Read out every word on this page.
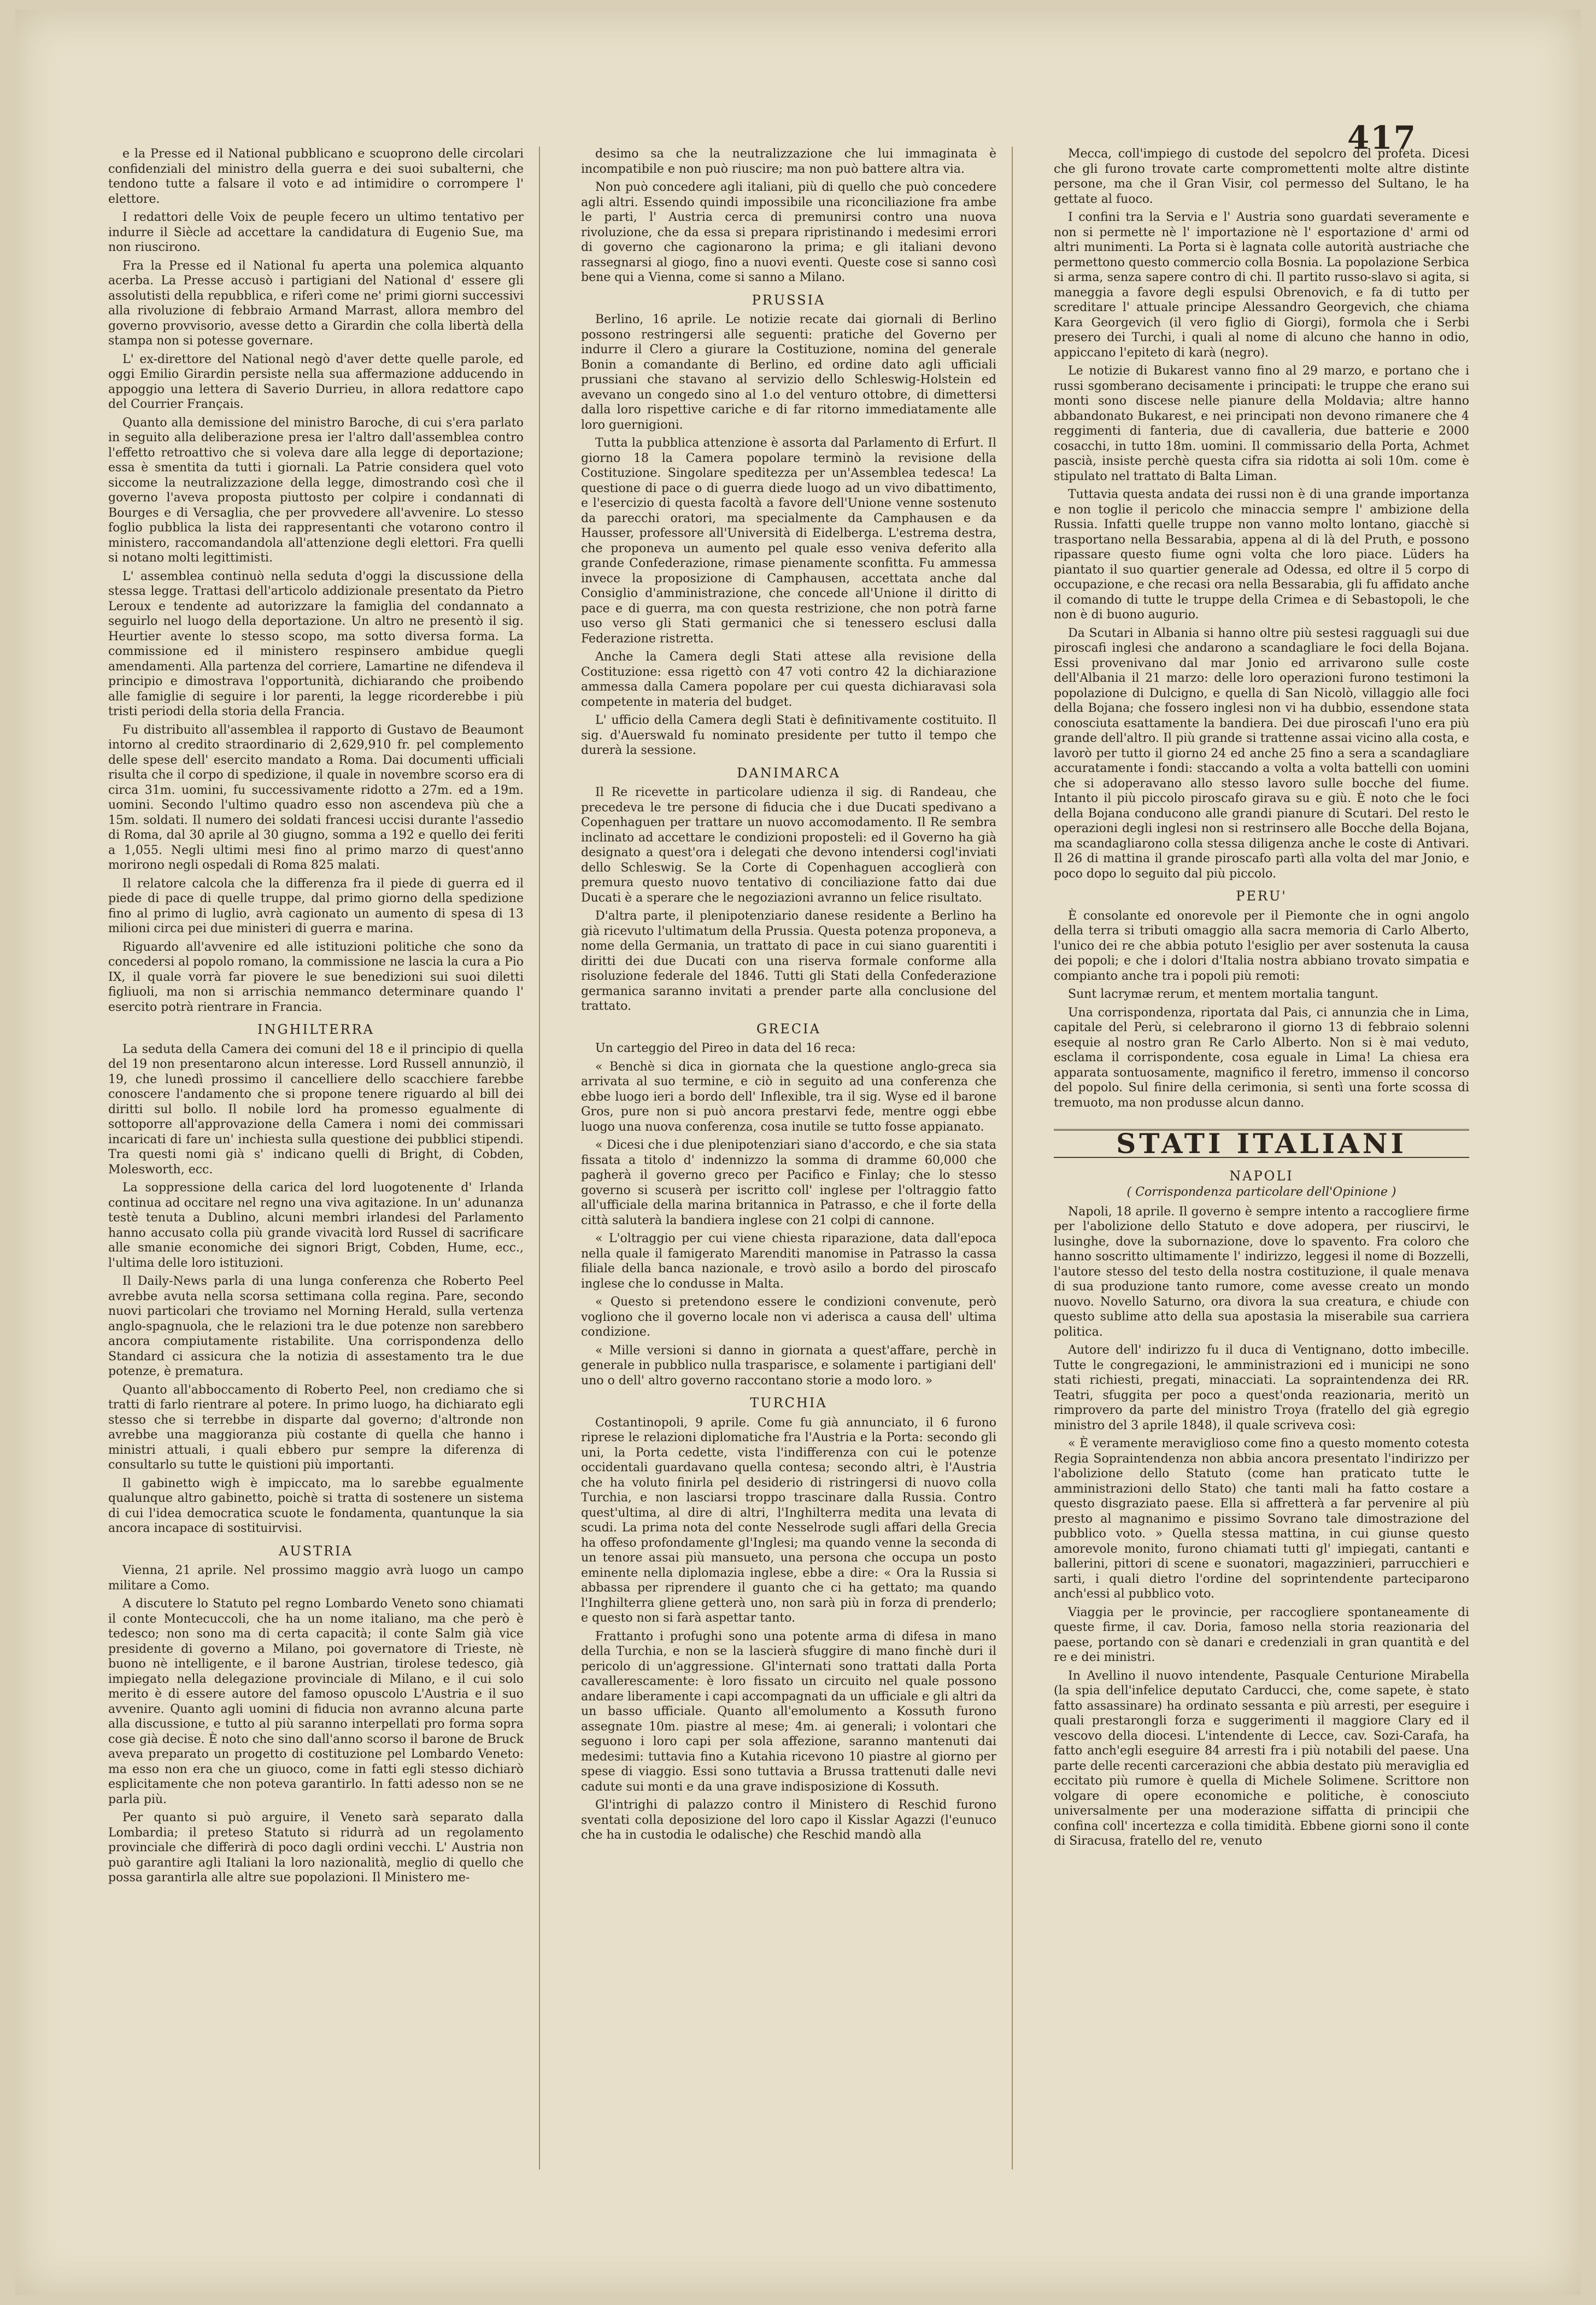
417

e la Presse ed il National pubblicano e scuoprono delle circolari confidenziali del ministro della guerra e dei suoi subalterni, che tendono tutte a falsare il voto e ad intimidire o corrompere l' elettore.

I redattori delle Voix de peuple fecero un ultimo tentativo per indurre il Siècle ad accettare la candidatura di Eugenio Sue, ma non riuscirono.

Fra la Presse ed il National fu aperta una polemica alquanto acerba. La Presse accusò i partigiani del National d' essere gli assolutisti della repubblica, e riferì come ne' primi giorni successivi alla rivoluzione di febbraio Armand Marrast, allora membro del governo provvisorio, avesse detto a Girardin che colla libertà della stampa non si potesse governare.

L' ex-direttore del National negò d'aver dette quelle parole, ed oggi Emilio Girardin persiste nella sua affermazione adducendo in appoggio una lettera di Saverio Durrieu, in allora redattore capo del Courrier Français.

Quanto alla demissione del ministro Baroche, di cui s'era parlato in seguito alla deliberazione presa ier l'altro dall'assemblea contro l'effetto retroattivo che si voleva dare alla legge di deportazione; essa è smentita da tutti i giornali. La Patrie considera quel voto siccome la neutralizzazione della legge, dimostrando così che il governo l'aveva proposta piuttosto per colpire i condannati di Bourges e di Versaglia, che per provvedere all'avvenire. Lo stesso foglio pubblica la lista dei rappresentanti che votarono contro il ministero, raccomandandola all'attenzione degli elettori. Fra quelli si notano molti legittimisti.

L' assemblea continuò nella seduta d'oggi la discussione della stessa legge. Trattasi dell'articolo addizionale presentato da Pietro Leroux e tendente ad autorizzare la famiglia del condannato a seguirlo nel luogo della deportazione. Un altro ne presentò il sig. Heurtier avente lo stesso scopo, ma sotto diversa forma. La commissione ed il ministero respinsero ambidue quegli amendamenti. Alla partenza del corriere, Lamartine ne difendeva il principio e dimostrava l'opportunità, dichiarando che proibendo alle famiglie di seguire i lor parenti, la legge ricorderebbe i più tristi periodi della storia della Francia.

Fu distribuito all'assemblea il rapporto di Gustavo de Beaumont intorno al credito straordinario di 2,629,910 fr. pel complemento delle spese dell' esercito mandato a Roma. Dai documenti ufficiali risulta che il corpo di spedizione, il quale in novembre scorso era di circa 31m. uomini, fu successivamente ridotto a 27m. ed a 19m. uomini. Secondo l'ultimo quadro esso non ascendeva più che a 15m. soldati. Il numero dei soldati francesi uccisi durante l'assedio di Roma, dal 30 aprile al 30 giugno, somma a 192 e quello dei feriti a 1,055. Negli ultimi mesi fino al primo marzo di quest'anno morirono negli ospedali di Roma 825 malati.

Il relatore calcola che la differenza fra il piede di guerra ed il piede di pace di quelle truppe, dal primo giorno della spedizione fino al primo di luglio, avrà cagionato un aumento di spesa di 13 milioni circa pei due ministeri di guerra e marina.

Riguardo all'avvenire ed alle istituzioni politiche che sono da concedersi al popolo romano, la commissione ne lascia la cura a Pio IX, il quale vorrà far piovere le sue benedizioni sui suoi diletti figliuoli, ma non si arrischia nemmanco determinare quando l' esercito potrà rientrare in Francia.

INGHILTERRA

La seduta della Camera dei comuni del 18 e il principio di quella del 19 non presentarono alcun interesse. Lord Russell annunziò, il 19, che lunedì prossimo il cancelliere dello scacchiere farebbe conoscere l'andamento che si propone tenere riguardo al bill dei diritti sul bollo. Il nobile lord ha promesso egualmente di sottoporre all'approvazione della Camera i nomi dei commissari incaricati di fare un' inchiesta sulla questione dei pubblici stipendi. Tra questi nomi già s' indicano quelli di Bright, di Cobden, Molesworth, ecc.

La soppressione della carica del lord luogotenente d' Irlanda continua ad occitare nel regno una viva agitazione. In un' adunanza testè tenuta a Dublino, alcuni membri irlandesi del Parlamento hanno accusato colla più grande vivacità lord Russel di sacrificare alle smanie economiche dei signori Brigt, Cobden, Hume, ecc., l'ultima delle loro istituzioni.

Il Daily-News parla di una lunga conferenza che Roberto Peel avrebbe avuta nella scorsa settimana colla regina. Pare, secondo nuovi particolari che troviamo nel Morning Herald, sulla vertenza anglo-spagnuola, che le relazioni tra le due potenze non sarebbero ancora compiutamente ristabilite. Una corrispondenza dello Standard ci assicura che la notizia di assestamento tra le due potenze, è prematura.

Quanto all'abboccamento di Roberto Peel, non crediamo che si tratti di farlo rientrare al potere. In primo luogo, ha dichiarato egli stesso che si terrebbe in disparte dal governo; d'altronde non avrebbe una maggioranza più costante di quella che hanno i ministri attuali, i quali ebbero pur sempre la diferenza di consultarlo su tutte le quistioni più importanti.

Il gabinetto wigh è impiccato, ma lo sarebbe egualmente qualunque altro gabinetto, poichè si tratta di sostenere un sistema di cui l'idea democratica scuote le fondamenta, quantunque la sia ancora incapace di sostituirvisi.

AUSTRIA

Vienna, 21 aprile. Nel prossimo maggio avrà luogo un campo militare a Como.

A discutere lo Statuto pel regno Lombardo Veneto sono chiamati il conte Montecuccoli, che ha un nome italiano, ma che però è tedesco; non sono ma di certa capacità; il conte Salm già vice presidente di governo a Milano, poi governatore di Trieste, nè buono nè intelligente, e il barone Austrian, tirolese tedesco, già impiegato nella delegazione provinciale di Milano, e il cui solo merito è di essere autore del famoso opuscolo L'Austria e il suo avvenire. Quanto agli uomini di fiducia non avranno alcuna parte alla discussione, e tutto al più saranno interpellati pro forma sopra cose già decise. È noto che sino dall'anno scorso il barone de Bruck aveva preparato un progetto di costituzione pel Lombardo Veneto: ma esso non era che un giuoco, come in fatti egli stesso dichiarò esplicitamente che non poteva garantirlo. In fatti adesso non se ne parla più.

Per quanto si può arguire, il Veneto sarà separato dalla Lombardia; il preteso Statuto si ridurrà ad un regolamento provinciale che differirà di poco dagli ordini vecchi. L' Austria non può garantire agli Italiani la loro nazionalità, meglio di quello che possa garantirla alle altre sue popolazioni. Il Ministero me-

desimo sa che la neutralizzazione che lui immaginata è incompatibile e non può riuscire; ma non può battere altra via.

Non può concedere agli italiani, più di quello che può concedere agli altri. Essendo quindi impossibile una riconciliazione fra ambe le parti, l' Austria cerca di premunirsi contro una nuova rivoluzione, che da essa si prepara ripristinando i medesimi errori di governo che cagionarono la prima; e gli italiani devono rassegnarsi al giogo, fino a nuovi eventi. Queste cose si sanno così bene qui a Vienna, come si sanno a Milano.

PRUSSIA

Berlino, 16 aprile. Le notizie recate dai giornali di Berlino possono restringersi alle seguenti: pratiche del Governo per indurre il Clero a giurare la Costituzione, nomina del generale Bonin a comandante di Berlino, ed ordine dato agli ufficiali prussiani che stavano al servizio dello Schleswig-Holstein ed avevano un congedo sino al 1.o del venturo ottobre, di dimettersi dalla loro rispettive cariche e di far ritorno immediatamente alle loro guernigioni.

Tutta la pubblica attenzione è assorta dal Parlamento di Erfurt. Il giorno 18 la Camera popolare terminò la revisione della Costituzione. Singolare speditezza per un'Assemblea tedesca! La questione di pace o di guerra diede luogo ad un vivo dibattimento, e l'esercizio di questa facoltà a favore dell'Unione venne sostenuto da parecchi oratori, ma specialmente da Camphausen e da Hausser, professore all'Università di Eidelberga. L'estrema destra, che proponeva un aumento pel quale esso veniva deferito alla grande Confederazione, rimase pienamente sconfitta. Fu ammessa invece la proposizione di Camphausen, accettata anche dal Consiglio d'amministrazione, che concede all'Unione il diritto di pace e di guerra, ma con questa restrizione, che non potrà farne uso verso gli Stati germanici che si tenessero esclusi dalla Federazione ristretta.

Anche la Camera degli Stati attese alla revisione della Costituzione: essa rigettò con 47 voti contro 42 la dichiarazione ammessa dalla Camera popolare per cui questa dichiaravasi sola competente in materia del budget.

L' ufficio della Camera degli Stati è definitivamente costituito. Il sig. d'Auerswald fu nominato presidente per tutto il tempo che durerà la sessione.

DANIMARCA

Il Re ricevette in particolare udienza il sig. di Randeau, che precedeva le tre persone di fiducia che i due Ducati spedivano a Copenhaguen per trattare un nuovo accomodamento. Il Re sembra inclinato ad accettare le condizioni proposteli: ed il Governo ha già designato a quest'ora i delegati che devono intendersi cogl'inviati dello Schleswig. Se la Corte di Copenhaguen accoglierà con premura questo nuovo tentativo di conciliazione fatto dai due Ducati è a sperare che le negoziazioni avranno un felice risultato.

D'altra parte, il plenipotenziario danese residente a Berlino ha già ricevuto l'ultimatum della Prussia. Questa potenza proponeva, a nome della Germania, un trattato di pace in cui siano guarentiti i diritti dei due Ducati con una riserva formale conforme alla risoluzione federale del 1846. Tutti gli Stati della Confederazione germanica saranno invitati a prender parte alla conclusione del trattato.

GRECIA

Un carteggio del Pireo in data del 16 reca:

« Benchè si dica in giornata che la questione anglo-greca sia arrivata al suo termine, e ciò in seguito ad una conferenza che ebbe luogo ieri a bordo dell' Inflexible, tra il sig. Wyse ed il barone Gros, pure non si può ancora prestarvi fede, mentre oggi ebbe luogo una nuova conferenza, cosa inutile se tutto fosse appianato.

« Dicesi che i due plenipotenziari siano d'accordo, e che sia stata fissata a titolo d' indennizzo la somma di dramme 60,000 che pagherà il governo greco per Pacifico e Finlay; che lo stesso governo si scuserà per iscritto coll' inglese per l'oltraggio fatto all'ufficiale della marina britannica in Patrasso, e che il forte della città saluterà la bandiera inglese con 21 colpi di cannone.

« L'oltraggio per cui viene chiesta riparazione, data dall'epoca nella quale il famigerato Marenditi manomise in Patrasso la cassa filiale della banca nazionale, e trovò asilo a bordo del piroscafo inglese che lo condusse in Malta.

« Questo si pretendono essere le condizioni convenute, però vogliono che il governo locale non vi aderisca a causa dell' ultima condizione.

« Mille versioni si danno in giornata a quest'affare, perchè in generale in pubblico nulla trasparisce, e solamente i partigiani dell' uno o dell' altro governo raccontano storie a modo loro. »

TURCHIA

Costantinopoli, 9 aprile. Come fu già annunciato, il 6 furono riprese le relazioni diplomatiche fra l'Austria e la Porta: secondo gli uni, la Porta cedette, vista l'indifferenza con cui le potenze occidentali guardavano quella contesa; secondo altri, è l'Austria che ha voluto finirla pel desiderio di ristringersi di nuovo colla Turchia, e non lasciarsi troppo trascinare dalla Russia. Contro quest'ultima, al dire di altri, l'Inghilterra medita una levata di scudi. La prima nota del conte Nesselrode sugli affari della Grecia ha offeso profondamente gl'Inglesi; ma quando venne la seconda di un tenore assai più mansueto, una persona che occupa un posto eminente nella diplomazia inglese, ebbe a dire: « Ora la Russia si abbassa per riprendere il guanto che ci ha gettato; ma quando l'Inghilterra gliene getterà uno, non sarà più in forza di prenderlo; e questo non si farà aspettar tanto.

Frattanto i profughi sono una potente arma di difesa in mano della Turchia, e non se la lascierà sfuggire di mano finchè duri il pericolo di un'aggressione. Gl'internati sono trattati dalla Porta cavallerescamente: è loro fissato un circuito nel quale possono andare liberamente i capi accompagnati da un ufficiale e gli altri da un basso ufficiale. Quanto all'emolumento a Kossuth furono assegnate 10m. piastre al mese; 4m. ai generali; i volontari che seguono i loro capi per sola affezione, saranno mantenuti dai medesimi: tuttavia fino a Kutahia ricevono 10 piastre al giorno per spese di viaggio. Essi sono tuttavia a Brussa trattenuti dalle nevi cadute sui monti e da una grave indisposizione di Kossuth.

Gl'intrighi di palazzo contro il Ministero di Reschid furono sventati colla deposizione del loro capo il Kisslar Agazzi (l'eunuco che ha in custodia le odalische) che Reschid mandò alla

Mecca, coll'impiego di custode del sepolcro del profeta. Dicesi che gli furono trovate carte compromettenti molte altre distinte persone, ma che il Gran Visir, col permesso del Sultano, le ha gettate al fuoco.

I confini tra la Servia e l' Austria sono guardati severamente e non si permette nè l' importazione nè l' esportazione d' armi od altri munimenti. La Porta si è lagnata colle autorità austriache che permettono questo commercio colla Bosnia. La popolazione Serbica si arma, senza sapere contro di chi. Il partito russo-slavo si agita, si maneggia a favore degli espulsi Obrenovich, e fa di tutto per screditare l' attuale principe Alessandro Georgevich, che chiama Kara Georgevich (il vero figlio di Giorgi), formola che i Serbi presero dei Turchi, i quali al nome di alcuno che hanno in odio, appiccano l'epiteto di karà (negro).

Le notizie di Bukarest vanno fino al 29 marzo, e portano che i russi sgomberano decisamente i principati: le truppe che erano sui monti sono discese nelle pianure della Moldavia; altre hanno abbandonato Bukarest, e nei principati non devono rimanere che 4 reggimenti di fanteria, due di cavalleria, due batterie e 2000 cosacchi, in tutto 18m. uomini. Il commissario della Porta, Achmet pascià, insiste perchè questa cifra sia ridotta ai soli 10m. come è stipulato nel trattato di Balta Liman.

Tuttavia questa andata dei russi non è di una grande importanza e non toglie il pericolo che minaccia sempre l' ambizione della Russia. Infatti quelle truppe non vanno molto lontano, giacchè si trasportano nella Bessarabia, appena al di là del Pruth, e possono ripassare questo fiume ogni volta che loro piace. Lüders ha piantato il suo quartier generale ad Odessa, ed oltre il 5 corpo di occupazione, e che recasi ora nella Bessarabia, gli fu affidato anche il comando di tutte le truppe della Crimea e di Sebastopoli, le che non è di buono augurio.

Da Scutari in Albania si hanno oltre più sestesi ragguagli sui due piroscafi inglesi che andarono a scandagliare le foci della Bojana. Essi provenivano dal mar Jonio ed arrivarono sulle coste dell'Albania il 21 marzo: delle loro operazioni furono testimoni la popolazione di Dulcigno, e quella di San Nicolò, villaggio alle foci della Bojana; che fossero inglesi non vi ha dubbio, essendone stata conosciuta esattamente la bandiera. Dei due piroscafi l'uno era più grande dell'altro. Il più grande si trattenne assai vicino alla costa, e lavorò per tutto il giorno 24 ed anche 25 fino a sera a scandagliare accuratamente i fondi: staccando a volta a volta battelli con uomini che si adoperavano allo stesso lavoro sulle bocche del fiume. Intanto il più piccolo piroscafo girava su e giù. È noto che le foci della Bojana conducono alle grandi pianure di Scutari. Del resto le operazioni degli inglesi non si restrinsero alle Bocche della Bojana, ma scandagliarono colla stessa diligenza anche le coste di Antivari. Il 26 di mattina il grande piroscafo partì alla volta del mar Jonio, e poco dopo lo seguito dal più piccolo.

PERU'

È consolante ed onorevole per il Piemonte che in ogni angolo della terra si tributi omaggio alla sacra memoria di Carlo Alberto, l'unico dei re che abbia potuto l'esiglio per aver sostenuta la causa dei popoli; e che i dolori d'Italia nostra abbiano trovato simpatia e compianto anche tra i popoli più remoti:

Sunt lacrymæ rerum, et mentem mortalia tangunt.

Una corrispondenza, riportata dal Pais, ci annunzia che in Lima, capitale del Perù, si celebrarono il giorno 13 di febbraio solenni esequie al nostro gran Re Carlo Alberto. Non si è mai veduto, esclama il corrispondente, cosa eguale in Lima! La chiesa era apparata sontuosamente, magnifico il feretro, immenso il concorso del popolo. Sul finire della cerimonia, si sentì una forte scossa di tremuoto, ma non produsse alcun danno.

STATI ITALIANI
NAPOLI
( Corrispondenza particolare dell'Opinione )

Napoli, 18 aprile. Il governo è sempre intento a raccogliere firme per l'abolizione dello Statuto e dove adopera, per riuscirvi, le lusinghe, dove la subornazione, dove lo spavento. Fra coloro che hanno soscritto ultimamente l' indirizzo, leggesi il nome di Bozzelli, l'autore stesso del testo della nostra costituzione, il quale menava di sua produzione tanto rumore, come avesse creato un mondo nuovo. Novello Saturno, ora divora la sua creatura, e chiude con questo sublime atto della sua apostasia la miserabile sua carriera politica.

Autore dell' indirizzo fu il duca di Ventignano, dotto imbecille. Tutte le congregazioni, le amministrazioni ed i municipi ne sono stati richiesti, pregati, minacciati. La sopraintendenza dei RR. Teatri, sfuggita per poco a quest'onda reazionaria, meritò un rimprovero da parte del ministro Troya (fratello del già egregio ministro del 3 aprile 1848), il quale scriveva così:

« È veramente meraviglioso come fino a questo momento cotesta Regia Sopraintendenza non abbia ancora presentato l'indirizzo per l'abolizione dello Statuto (come han praticato tutte le amministrazioni dello Stato) che tanti mali ha fatto costare a questo disgraziato paese. Ella si affretterà a far pervenire al più presto al magnanimo e pissimo Sovrano tale dimostrazione del pubblico voto. » Quella stessa mattina, in cui giunse questo amorevole monito, furono chiamati tutti gl' impiegati, cantanti e ballerini, pittori di scene e suonatori, magazzinieri, parrucchieri e sarti, i quali dietro l'ordine del soprintendente parteciparono anch'essi al pubblico voto.

Viaggia per le provincie, per raccogliere spontaneamente di queste firme, il cav. Doria, famoso nella storia reazionaria del paese, portando con sè danari e credenziali in gran quantità e del re e dei ministri.

In Avellino il nuovo intendente, Pasquale Centurione Mirabella (la spia dell'infelice deputato Carducci, che, come sapete, è stato fatto assassinare) ha ordinato sessanta e più arresti, per eseguire i quali prestarongli forza e suggerimenti il maggiore Clary ed il vescovo della diocesi. L'intendente di Lecce, cav. Sozi-Carafa, ha fatto anch'egli eseguire 84 arresti fra i più notabili del paese. Una parte delle recenti carcerazioni che abbia destato più meraviglia ed eccitato più rumore è quella di Michele Solimene. Scrittore non volgare di opere economiche e politiche, è conosciuto universalmente per una moderazione siffatta di principii che confina coll' incertezza e colla timidità. Ebbene giorni sono il conte di Siracusa, fratello del re, venuto
